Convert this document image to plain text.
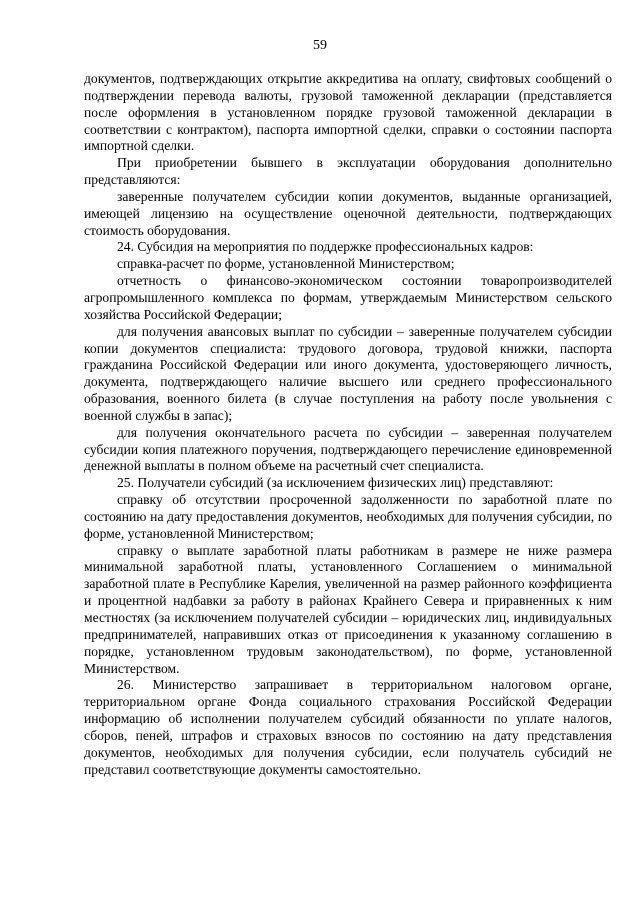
59

документов, подтверждающих открытие аккредитива на оплату, свифтовых сообщений о подтверждении перевода валюты, грузовой таможенной декларации (представляется после оформления в установленном порядке грузовой таможенной декларации в соответствии с контрактом), паспорта импортной сделки, справки о состоянии паспорта импортной сделки.

При приобретении бывшего в эксплуатации оборудования дополнительно представляются:

заверенные получателем субсидии копии документов, выданные организацией, имеющей лицензию на осуществление оценочной деятельности, подтверждающих стоимость оборудования.

24. Субсидия на мероприятия по поддержке профессиональных кадров:

справка-расчет по форме, установленной Министерством;

отчетность о финансово-экономическом состоянии товаропроизводителей агропромышленного комплекса по формам, утверждаемым Министерством сельского хозяйства Российской Федерации;

для получения авансовых выплат по субсидии – заверенные получателем субсидии копии документов специалиста: трудового договора, трудовой книжки, паспорта гражданина Российской Федерации или иного документа, удостоверяющего личность, документа, подтверждающего наличие высшего или среднего профессионального образования, военного билета (в случае поступления на работу после увольнения с военной службы в запас);

для получения окончательного расчета по субсидии – заверенная получателем субсидии копия платежного поручения, подтверждающего перечисление единовременной денежной выплаты в полном объеме на расчетный счет специалиста.

25. Получатели субсидий (за исключением физических лиц) представляют:

справку об отсутствии просроченной задолженности по заработной плате по состоянию на дату предоставления документов, необходимых для получения субсидии, по форме, установленной Министерством;

справку о выплате заработной платы работникам в размере не ниже размера минимальной заработной платы, установленного Соглашением о минимальной заработной плате в Республике Карелия, увеличенной на размер районного коэффициента и процентной надбавки за работу в районах Крайнего Севера и приравненных к ним местностях (за исключением получателей субсидии – юридических лиц, индивидуальных предпринимателей, направивших отказ от присоединения к указанному соглашению в порядке, установленном трудовым законодательством), по форме, установленной Министерством.

26. Министерство запрашивает в территориальном налоговом органе, территориальном органе Фонда социального страхования Российской Федерации информацию об исполнении получателем субсидий обязанности по уплате налогов, сборов, пеней, штрафов и страховых взносов по состоянию на дату представления документов, необходимых для получения субсидии, если получатель субсидий не представил соответствующие документы самостоятельно.
